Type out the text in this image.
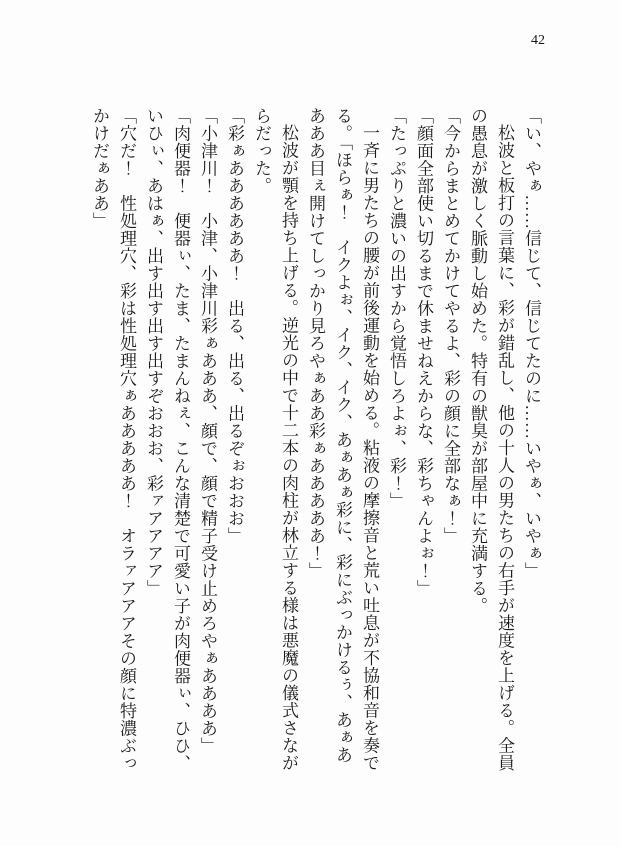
42

「い、やぁ……信じて、信じてたのに……いやぁ、いやぁ」

松波と板打の言葉に、彩が錯乱し、他の十人の男たちの右手が速度を上げる。全員の愚息が激しく脈動し始めた。特有の獣臭が部屋中に充満する。

「今からまとめてかけてやるよ、彩の顔に全部なぁ！」

「顔面全部使い切るまで休ませねえからな、彩ちゃんよぉ！」

「たっぷりと濃いの出すから覚悟しろよぉ、彩！」

一斉に男たちの腰が前後運動を始める。粘液の摩擦音と荒い吐息が不協和音を奏でる。「ほらぁ！　イクよぉ、イク、イク、あぁあぁ彩に、彩にぶっかけるぅ、あぁああああ目ぇ開けてしっかり見ろやぁああ彩ぁあああああ！」

松波が顎を持ち上げる。逆光の中で十二本の肉柱が林立する様は悪魔の儀式さながらだった。

「彩ぁああああああ！　出る、出る、出るぞぉおおお」

「小津川！　小津、小津川彩ぁあああ、顔で、顔で精子受け止めろやぁああああ」

「肉便器！　便器ぃ、たま、たまんねぇ、こんな清楚で可愛い子が肉便器ぃ、ひひ、いひぃ、あはぁ、出す出す出す出すぞおおお、彩ァアアアア」

「穴だ！　性処理穴、彩は性処理穴ぁあああああ！　オラァアアアその顔に特濃ぶっかけだぁああ」
